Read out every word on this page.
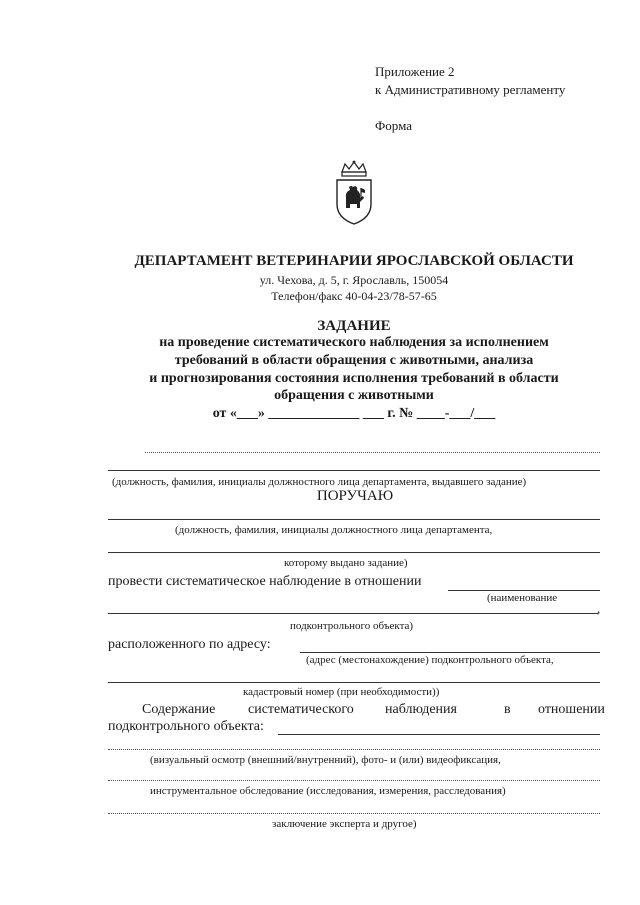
Приложение 2
к Административному регламенту
Форма
ДЕПАРТАМЕНТ ВЕТЕРИНАРИИ ЯРОСЛАВСКОЙ ОБЛАСТИ
ул. Чехова, д. 5, г. Ярославль, 150054
Телефон/факс 40-04-23/78-57-65
ЗАДАНИЕ
на проведение систематического наблюдения за исполнением
требований в области обращения с животными, анализа
и прогнозирования состояния исполнения требований в области
обращения с животными
от «___» _____________ ___ г. № ____-___/___
(должность, фамилия, инициалы должностного лица департамента, выдавшего задание)
ПОРУЧАЮ
(должность, фамилия, инициалы должностного лица департамента,
которому выдано задание)
провести систематическое наблюдение в отношении
(наименование
,
подконтрольного объекта)
расположенного по адресу:
(адрес (местонахождение) подконтрольного объекта,
кадастровый номер (при необходимости))
Содержание систематического наблюдения	в отношении
подконтрольного объекта:
(визуальный осмотр (внешний/внутренний), фото- и (или) видеофиксация,
инструментальное обследование (исследования, измерения, расследования)
заключение эксперта и другое)
